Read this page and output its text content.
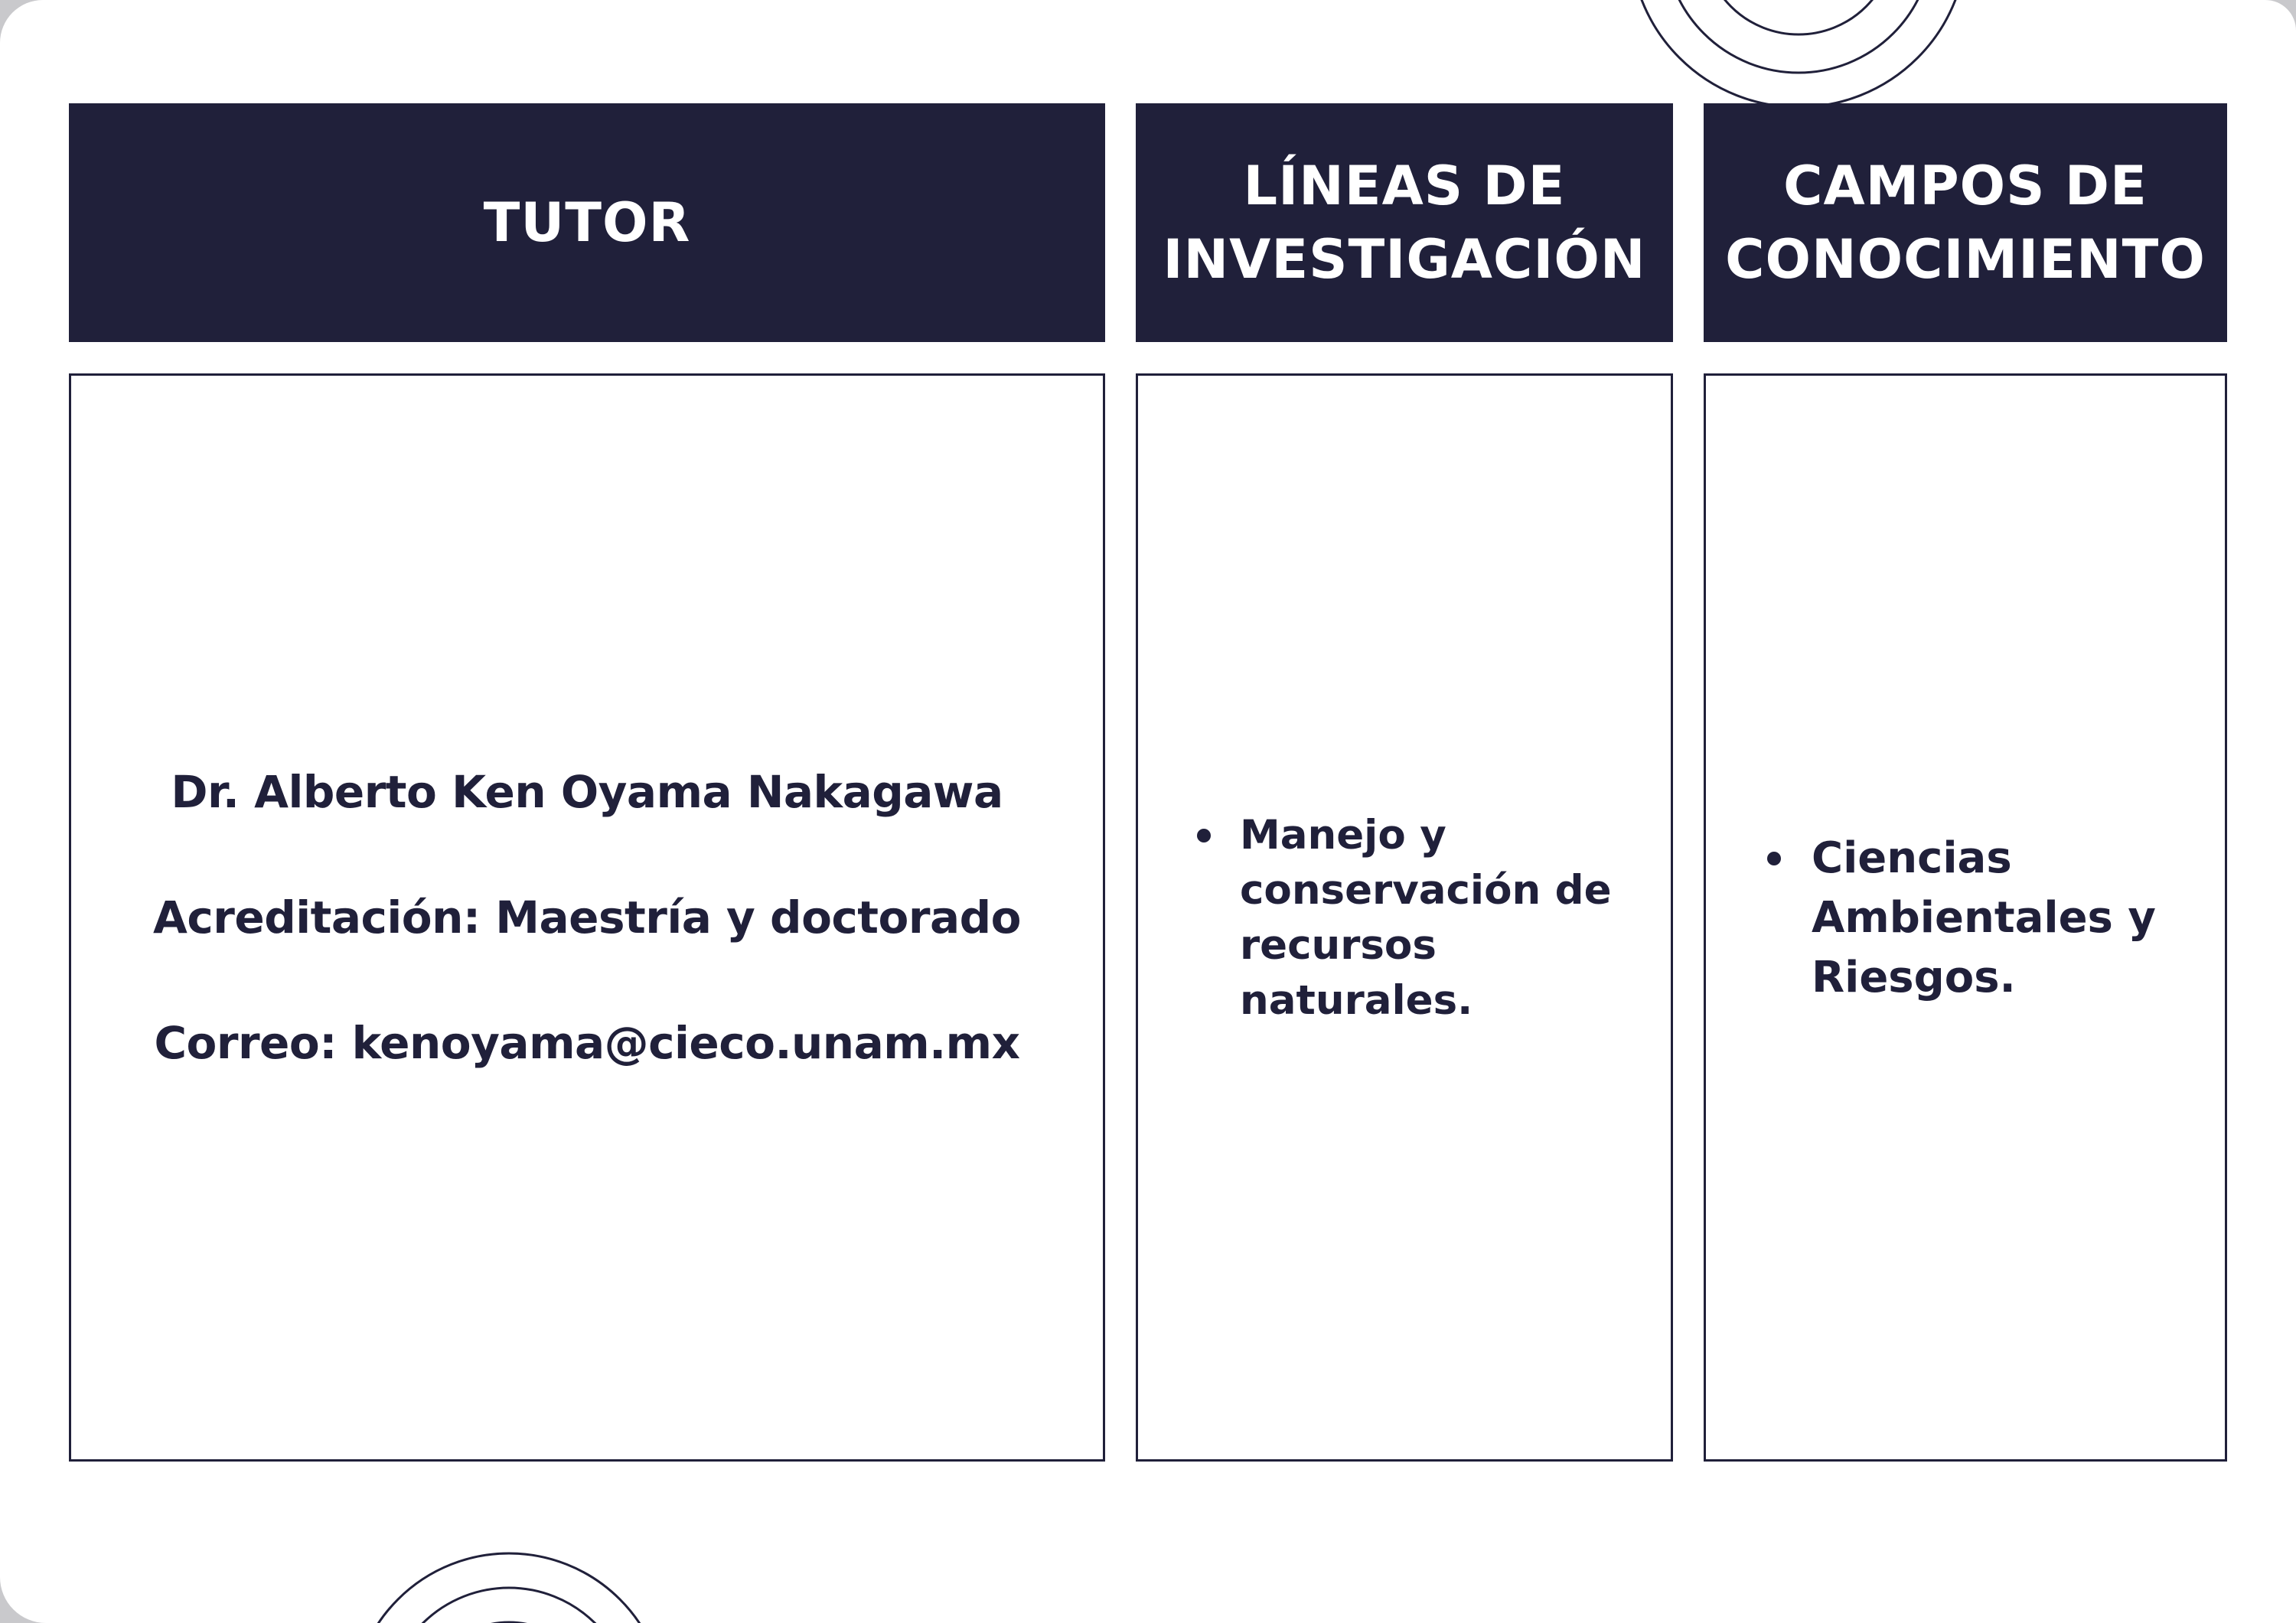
TUTOR
LÍNEAS DE INVESTIGACIÓN
CAMPOS DE CONOCIMIENTO
Dr. Alberto Ken Oyama Nakagawa
Acreditación: Maestría y doctorado
Correo: kenoyama@cieco.unam.mx
Manejo y conservación de recursos naturales.
Ciencias Ambientales y Riesgos.
